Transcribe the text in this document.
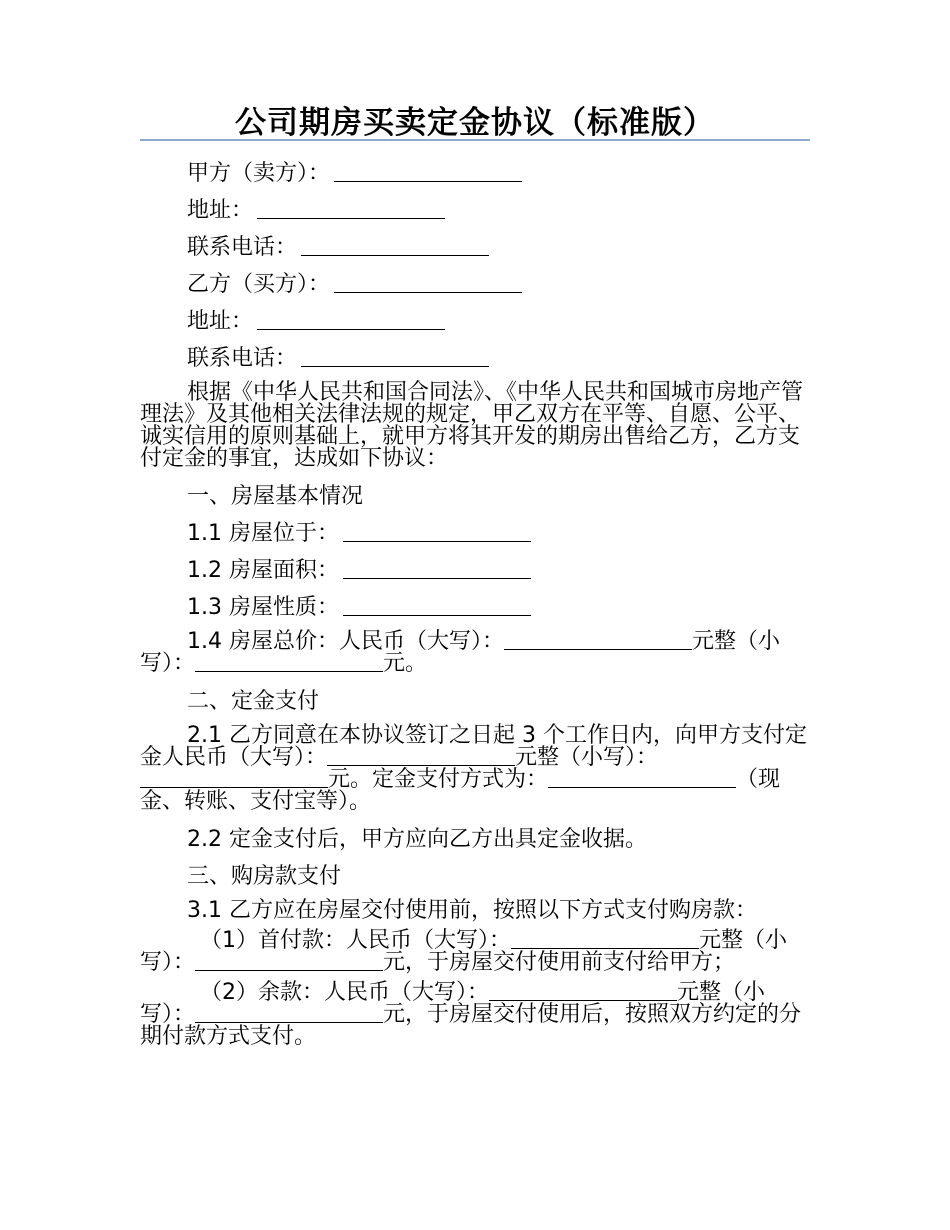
公司期房买卖定金协议（标准版）
甲方（卖方）：
地址：
联系电话：
乙方（买方）：
地址：
联系电话：
根据《中华人民共和国合同法》、《中华人民共和国城市房地产管理法》及其他相关法律法规的规定，甲乙双方在平等、自愿、公平、诚实信用的原则基础上，就甲方将其开发的期房出售给乙方，乙方支付定金的事宜，达成如下协议：
一、房屋基本情况
1.1 房屋位于：
1.2 房屋面积：
1.3 房屋性质：
1.4 房屋总价：人民币（大写）：	元整（小写）：	元。
二、定金支付
2.1 乙方同意在本协议签订之日起 3 个工作日内，向甲方支付定金人民币（大写）：	元整（小写）：元。定金支付方式为：	（现金、转账、支付宝等）。
2.2 定金支付后，甲方应向乙方出具定金收据。
三、购房款支付
3.1 乙方应在房屋交付使用前，按照以下方式支付购房款：
（1）首付款：人民币（大写）：	元整（小写）：	元，于房屋交付使用前支付给甲方；
（2）余款：人民币（大写）：	元整（小写）：	元，于房屋交付使用后，按照双方约定的分期付款方式支付。
